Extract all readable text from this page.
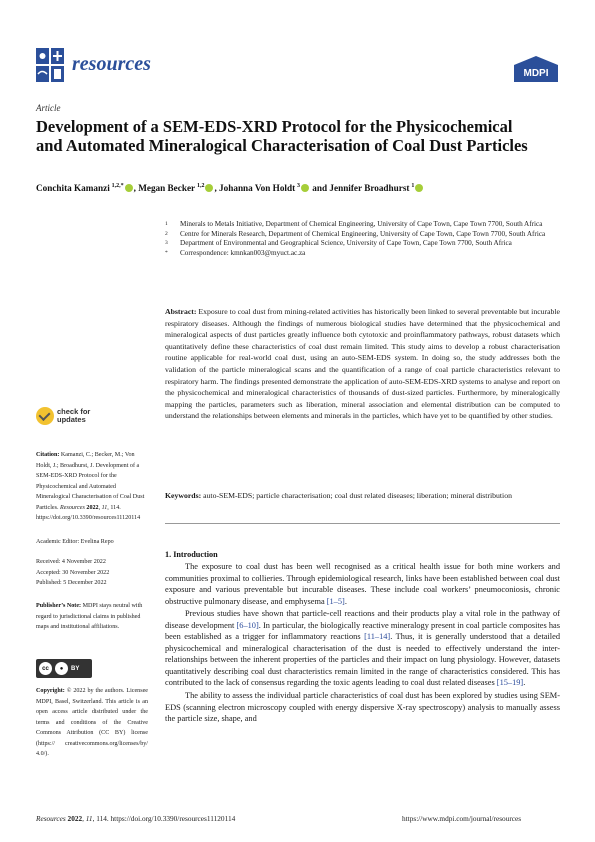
resources	MDPI
Article
Development of a SEM-EDS-XRD Protocol for the Physicochemical and Automated Mineralogical Characterisation of Coal Dust Particles
Conchita Kamanzi  $^{1,2,*}$ , Megan Becker  $^{1,2}$ , Johanna Von Holdt  $^3$ and Jennifer Broadhurst  $^1$
1	Minerals to Metals Initiative, Department of Chemical Engineering, University of Cape Town, Cape Town 7700, South Africa
2	Centre for Minerals Research, Department of Chemical Engineering, University of Cape Town, Cape Town 7700, South Africa
3	Department of Environmental and Geographical Science, University of Cape Town, Cape Town 7700, South Africa
*	Correspondence: kmnkan003@myuct.ac.za
Abstract: Exposure to coal dust from mining-related activities has historically been linked to several preventable but incurable respiratory diseases. Although the findings of numerous biological studies have determined that the physicochemical and mineralogical aspects of dust particles greatly influence both cytotoxic and proinflammatory pathways, robust datasets which quantitatively define these characteristics of coal dust remain limited. This study aims to develop a robust characterisation routine applicable for real-world coal dust, using an auto-SEM-EDS system. In doing so, the study addresses both the validation of the particle mineralogical scans and the quantification of a range of coal particle characteristics relevant to respiratory harm. The findings presented demonstrate the application of auto-SEM-EDS-XRD systems to analyse and report on the physicochemical and mineralogical characteristics of thousands of dust-sized particles. Furthermore, by mineralogically mapping the particles, parameters such as liberation, mineral association and elemental distribution can be computed to understand the relationships between elements and minerals in the particles, which have yet to be quantified by other studies.
Keywords: auto-SEM-EDS; particle characterisation; coal dust related diseases; liberation; mineral distribution
check for
updates
Citation: Kamanzi, C.; Becker, M.; Von Holdt, J.; Broadhurst, J. Development of a SEM-EDS-XRD Protocol for the Physicochemical and Automated Mineralogical Characterisation of Coal Dust Particles. Resources 2022, 11, 114. https://doi.org/10.3390/resources11120114
Academic Editor: Evelina Repo
Received: 4 November 2022
Accepted: 30 November 2022
Published: 5 December 2022
Publisher’s Note: MDPI stays neutral with regard to jurisdictional claims in published maps and institutional affiliations.
cc	●	BY
Copyright: © 2022 by the authors. Licensee MDPI, Basel, Switzerland. This article is an open access article distributed under the terms and conditions of the Creative Commons Attribution (CC BY) license (https:// creativecommons.org/licenses/by/ 4.0/).
1. Introduction

The exposure to coal dust has been well recognised as a critical health issue for both mine workers and communities proximal to collieries. Through epidemiological research, links have been established between coal dust exposure and various preventable but incurable diseases. These include coal workers’ pneumoconiosis, chronic obstructive pulmonary disease, and emphysema [1–5].

Previous studies have shown that particle-cell reactions and their products play a vital role in the pathway of disease development [6–10]. In particular, the biologically reactive mineralogy present in coal particle composites has been established as a trigger for inflammatory reactions [11–14]. Thus, it is generally understood that a detailed physicochemical and mineralogical characterisation of the dust is needed to effectively understand the inter-relationships between the inherent properties of the particles and their impact on lung physiology. However, datasets quantitatively describing coal dust characteristics remain limited in the range of characteristics considered. This has contributed to the lack of consensus regarding the toxic agents leading to coal dust related diseases [15–19].

The ability to assess the individual particle characteristics of coal dust has been explored by studies using SEM-EDS (scanning electron microscopy coupled with energy dispersive X-ray spectroscopy) analysis to manually assess the particle size, shape, and

Resources 2022, 11, 114. https://doi.org/10.3390/resources11120114	https://www.mdpi.com/journal/resources
